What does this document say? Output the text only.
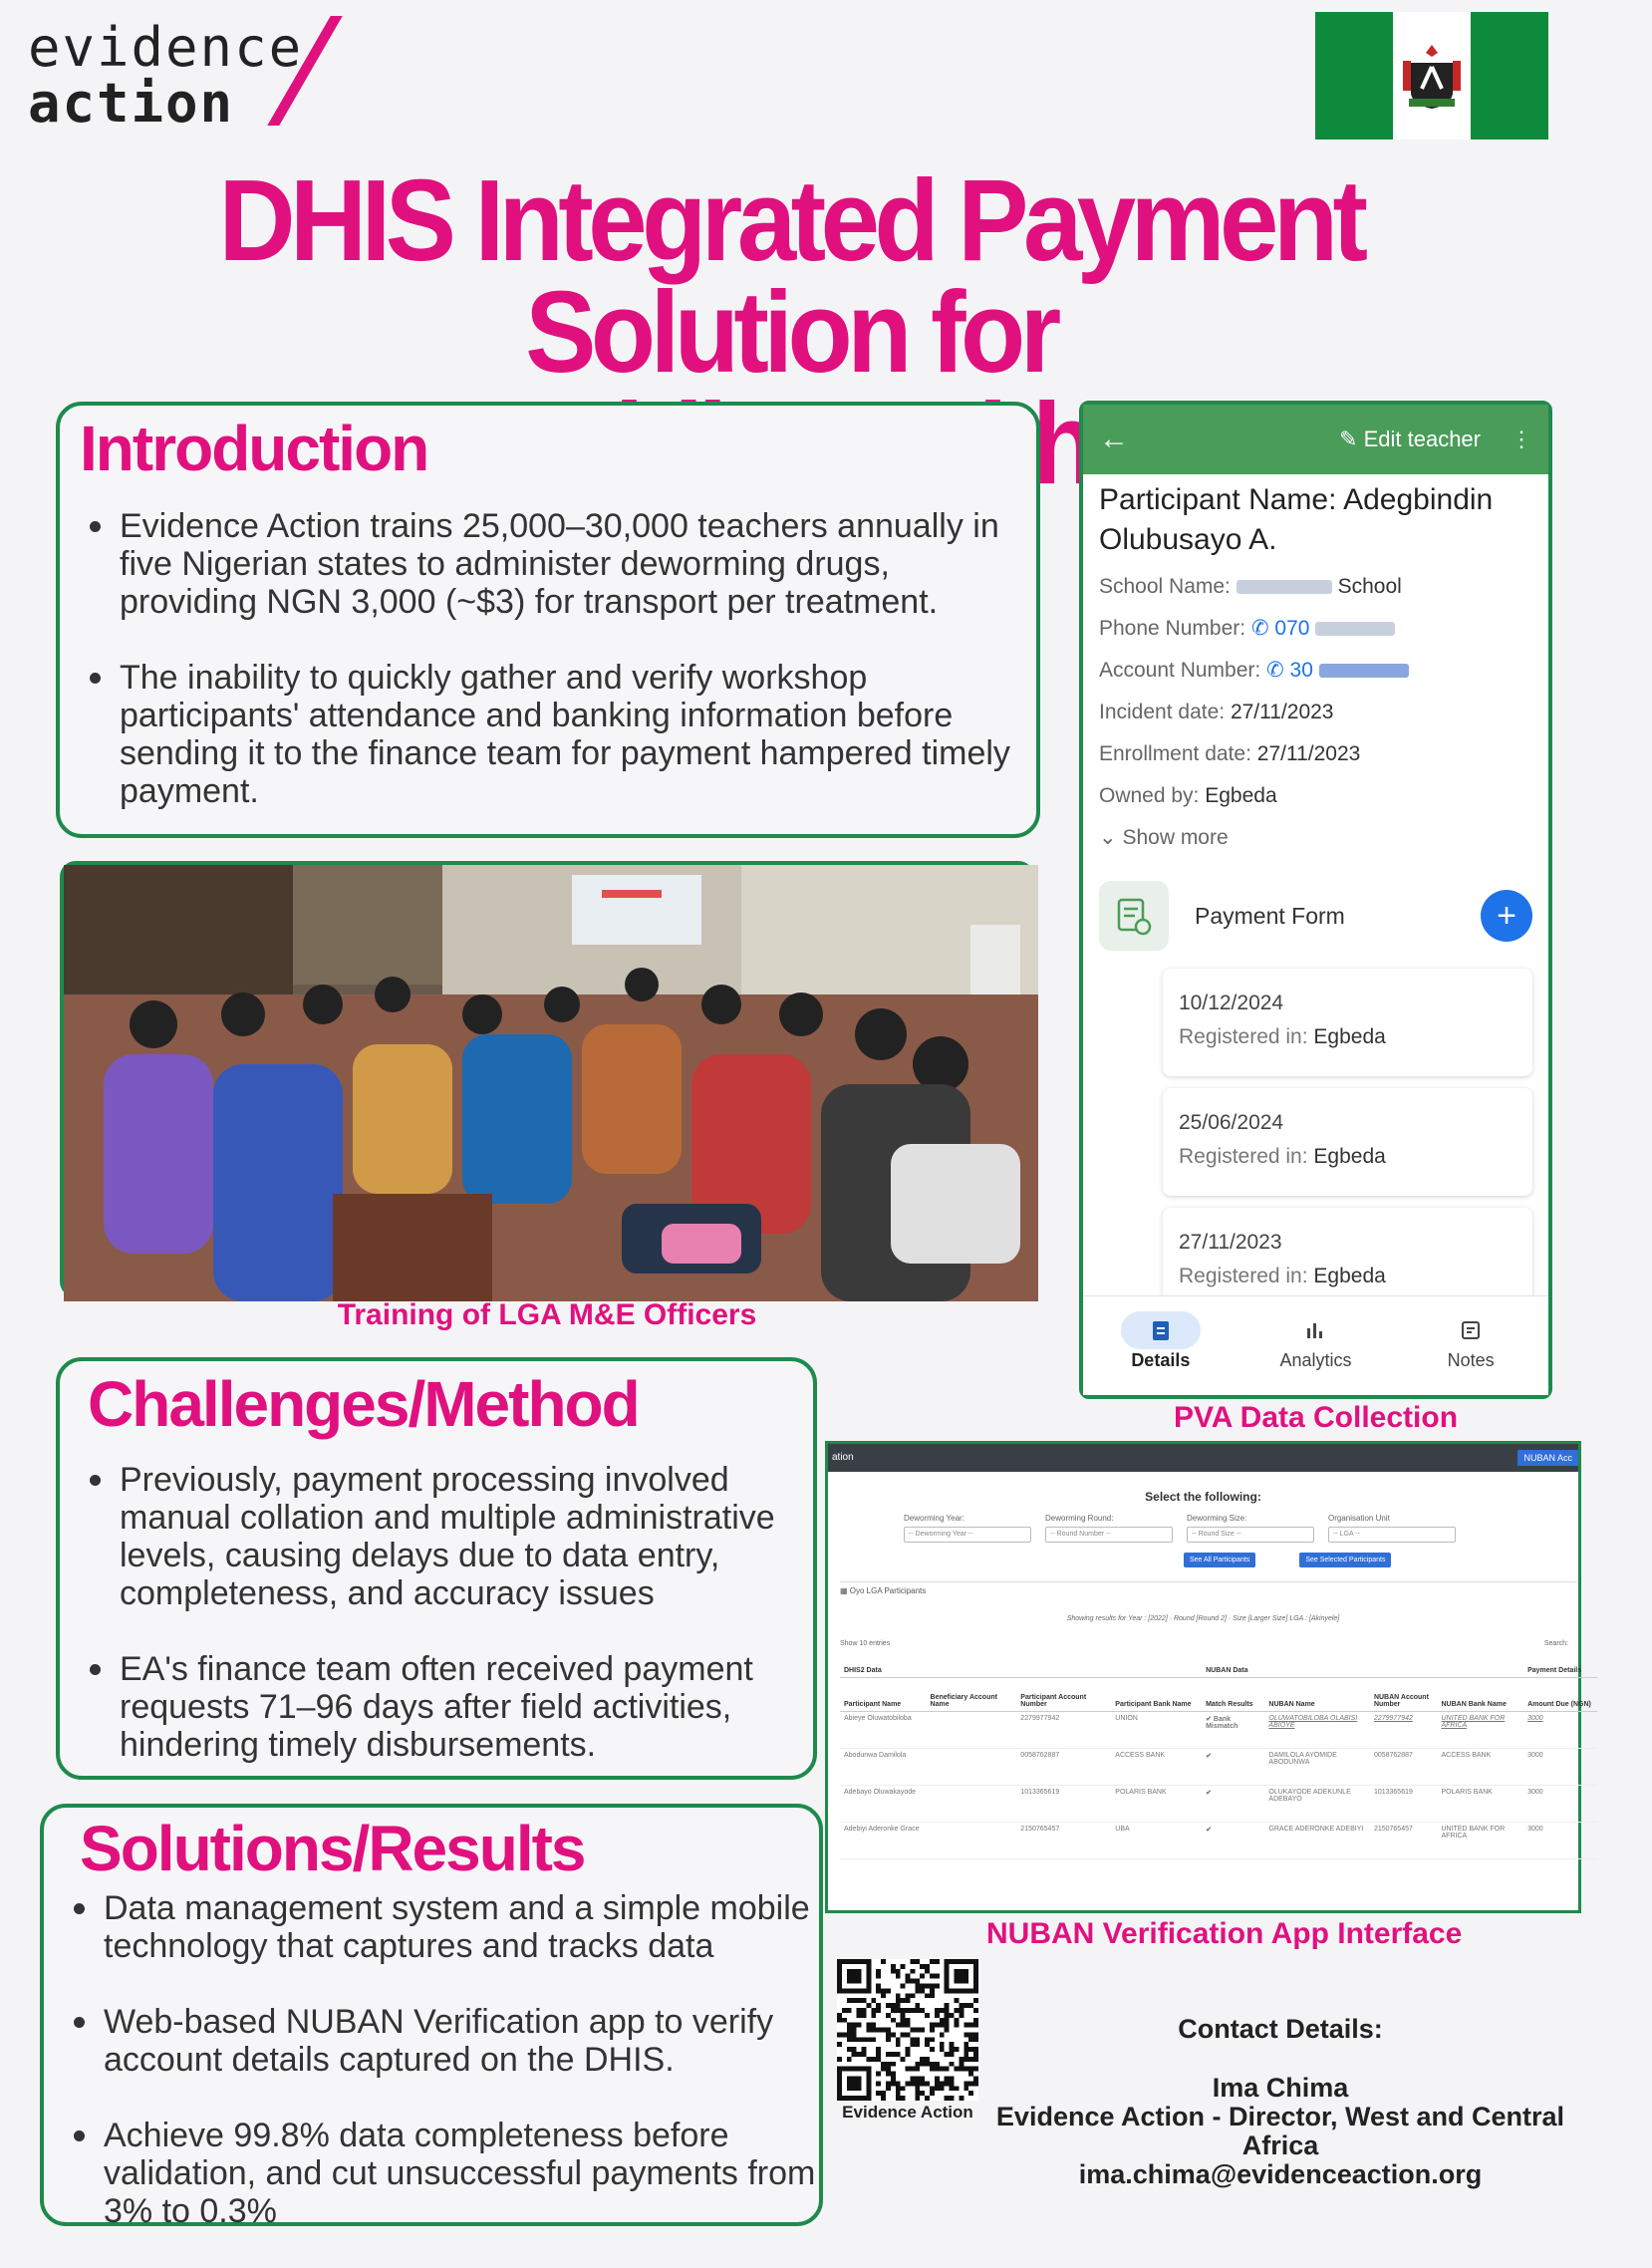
evidence
action
DHIS Integrated Payment Solution for
Introduction
Evidence Action trains 25,000–30,000 teachers annually in five Nigerian states to administer deworming drugs, providing NGN 3,000 (~$3) for transport per treatment.
The inability to quickly gather and verify workshop participants' attendance and banking information before sending it to the finance team for payment hampered timely payment.
Training of LGA M&E Officers
Challenges/Method
Previously, payment processing involved manual collation and multiple administrative levels, causing delays due to data entry, completeness, and accuracy issues
EA's finance team often received payment requests 71–96 days after field activities, hindering timely disbursements.
Solutions/Results
Data management system and a simple mobile technology that captures and tracks data
Web-based NUBAN Verification app to verify account details captured on the DHIS.
Achieve 99.8% data completeness before validation, and cut unsuccessful payments from 3% to 0.3%
←	✎ Edit teacher ⋮
Participant Name: Adegbindin Olubusayo A.
School Name:	School
Phone Number: ✆ 070
Account Number: ✆ 30
Incident date: 27/11/2023
Enrollment date: 27/11/2023
Owned by: Egbeda
⌄ Show more
Payment Form	+
10/12/2024
Registered in: Egbeda
25/06/2024
Registered in: Egbeda
27/11/2023
Registered in: Egbeda
Details	Analytics	Notes
PVA Data Collection
ation	NUBAN Acc
Select the following:
Deworming Year:
-- Deworming Year --
Deworming Round:
-- Round Number --
Deworming Size:
-- Round Size --
Organisation Unit
-- LGA --
See All Participants	See Selected Participants
▦ Oyo LGA Participants
Showing results for Year : [2022] · Round [Round 2] · Size [Larger Size] LGA : [Akinyele]
Show 10 entries	Search:
DHIS2 Data				NUBAN Data				Payment Details
Participant Name	Beneficiary Account Name	Participant Account Number	Participant Bank Name	Match Results	NUBAN Name	NUBAN Account Number	NUBAN Bank Name	Amount Due (NGN)
Abieye Oluwatobiloba		2279977942	UNION	✔ Bank Mismatch	OLUWATOBILOBA OLABISI ABIOYE	2279977942	UNITED BANK FOR AFRICA	3000
Abodunwa Damilola		0058762887	ACCESS BANK	✔	DAMILOLA AYOMIDE ABODUNWA	0058762887	ACCESS BANK	3000
Adebayo Oluwakayode		1013365619	POLARIS BANK	✔	OLUKAYODE ADEKUNLE ADEBAYO	1013365619	POLARIS BANK	3000
Adebiyi Aderonke Grace		2150765457	UBA	✔	GRACE ADERONKE ADEBIYI	2150765457	UNITED BANK FOR AFRICA	3000
NUBAN Verification App Interface
Evidence Action
Contact Details:
Ima Chima
Evidence Action - Director, West and Central Africa
ima.chima@evidenceaction.org
